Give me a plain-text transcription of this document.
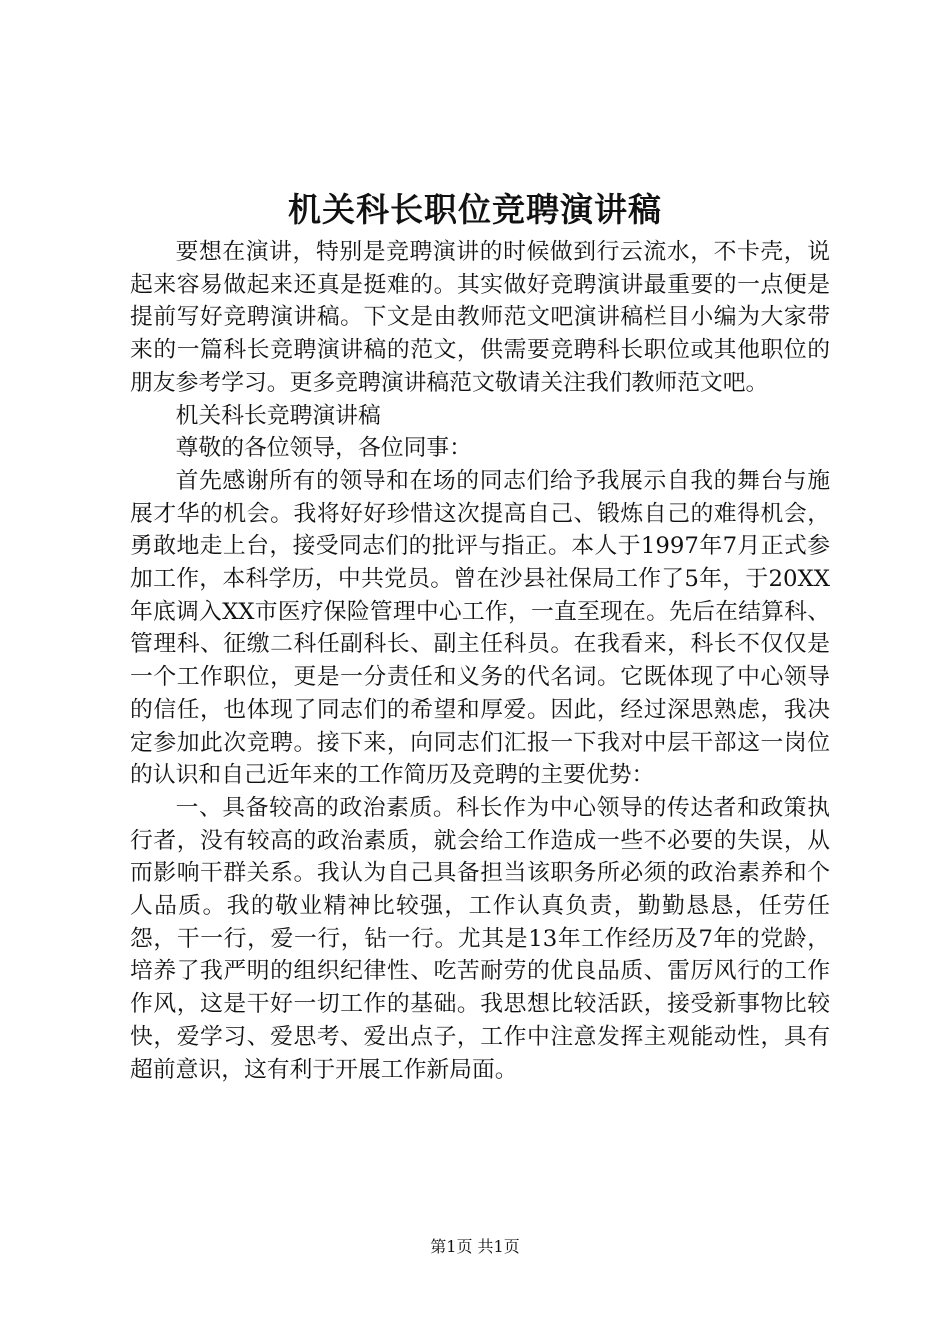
机关科长职位竞聘演讲稿

要想在演讲，特别是竞聘演讲的时候做到行云流水，不卡壳，说起来容易做起来还真是挺难的。其实做好竞聘演讲最重要的一点便是提前写好竞聘演讲稿。下文是由教师范文吧演讲稿栏目小编为大家带来的一篇科长竞聘演讲稿的范文，供需要竞聘科长职位或其他职位的朋友参考学习。更多竞聘演讲稿范文敬请关注我们教师范文吧。

机关科长竞聘演讲稿

尊敬的各位领导，各位同事：

首先感谢所有的领导和在场的同志们给予我展示自我的舞台与施展才华的机会。我将好好珍惜这次提高自己、锻炼自己的难得机会，勇敢地走上台，接受同志们的批评与指正。本人于1997年7月正式参加工作，本科学历，中共党员。曾在沙县社保局工作了5年，于20XX年底调入XX市医疗保险管理中心工作，一直至现在。先后在结算科、管理科、征缴二科任副科长、副主任科员。在我看来，科长不仅仅是一个工作职位，更是一分责任和义务的代名词。它既体现了中心领导的信任，也体现了同志们的希望和厚爱。因此，经过深思熟虑，我决定参加此次竞聘。接下来，向同志们汇报一下我对中层干部这一岗位的认识和自己近年来的工作简历及竞聘的主要优势：

一、具备较高的政治素质。科长作为中心领导的传达者和政策执行者，没有较高的政治素质，就会给工作造成一些不必要的失误，从而影响干群关系。我认为自己具备担当该职务所必须的政治素养和个人品质。我的敬业精神比较强，工作认真负责，勤勤恳恳，任劳任怨，干一行，爱一行，钻一行。尤其是13年工作经历及7年的党龄，培养了我严明的组织纪律性、吃苦耐劳的优良品质、雷厉风行的工作作风，这是干好一切工作的基础。我思想比较活跃，接受新事物比较快，爱学习、爱思考、爱出点子，工作中注意发挥主观能动性，具有超前意识，这有利于开展工作新局面。

第1页 共1页
